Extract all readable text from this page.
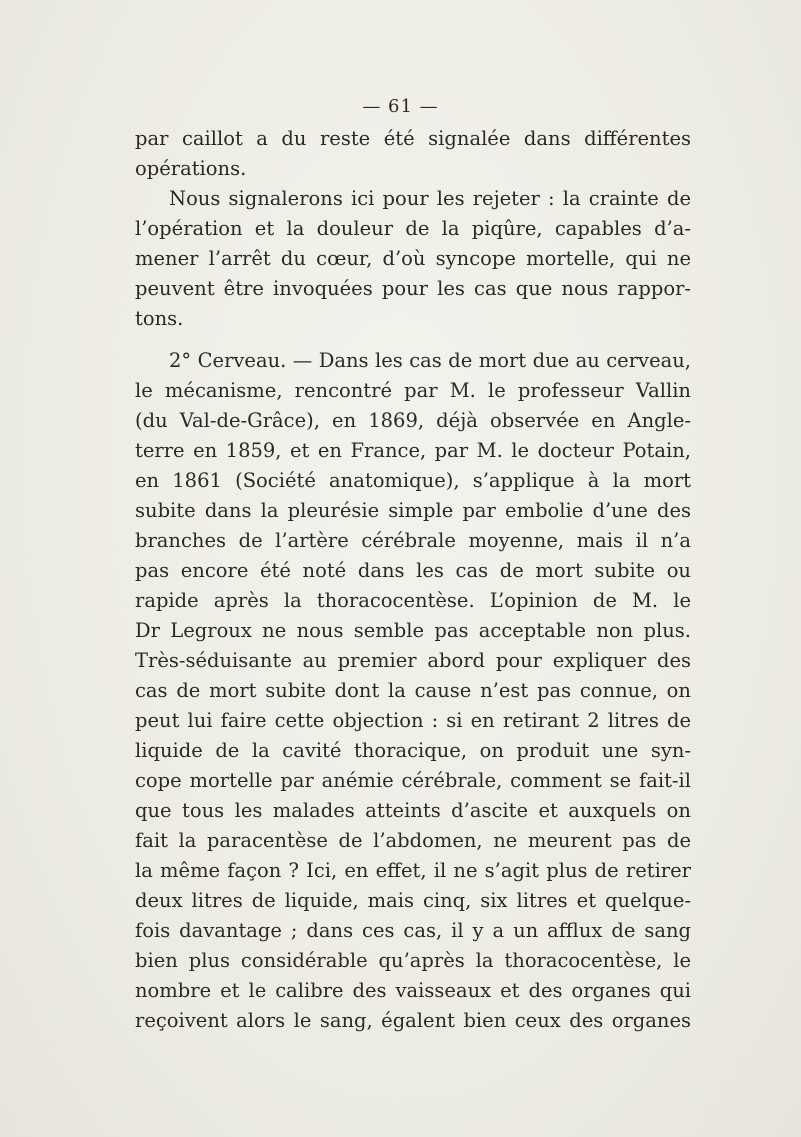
— 61 —
par caillot a du reste été signalée dans différentes
opérations.
Nous signalerons ici pour les rejeter : la crainte de
l’opération et la douleur de la piqûre, capables d’a-
mener l’arrêt du cœur, d’où syncope mortelle, qui ne
peuvent être invoquées pour les cas que nous rappor-
tons.
2° Cerveau. — Dans les cas de mort due au cerveau,
le mécanisme, rencontré par M. le professeur Vallin
(du Val-de-Grâce), en 1869, déjà observée en Angle-
terre en 1859, et en France, par M. le docteur Potain,
en 1861 (Société anatomique), s’applique à la mort
subite dans la pleurésie simple par embolie d’une des
branches de l’artère cérébrale moyenne, mais il n’a
pas encore été noté dans les cas de mort subite ou
rapide après la thoracocentèse. L’opinion de M. le
Dr Legroux ne nous semble pas acceptable non plus.
Très-séduisante au premier abord pour expliquer des
cas de mort subite dont la cause n’est pas connue, on
peut lui faire cette objection : si en retirant 2 litres de
liquide de la cavité thoracique, on produit une syn-
cope mortelle par anémie cérébrale, comment se fait-il
que tous les malades atteints d’ascite et auxquels on
fait la paracentèse de l’abdomen, ne meurent pas de
la même façon ? Ici, en effet, il ne s’agit plus de retirer
deux litres de liquide, mais cinq, six litres et quelque-
fois davantage ; dans ces cas, il y a un afflux de sang
bien plus considérable qu’après la thoracocentèse, le
nombre et le calibre des vaisseaux et des organes qui
reçoivent alors le sang, égalent bien ceux des organes
